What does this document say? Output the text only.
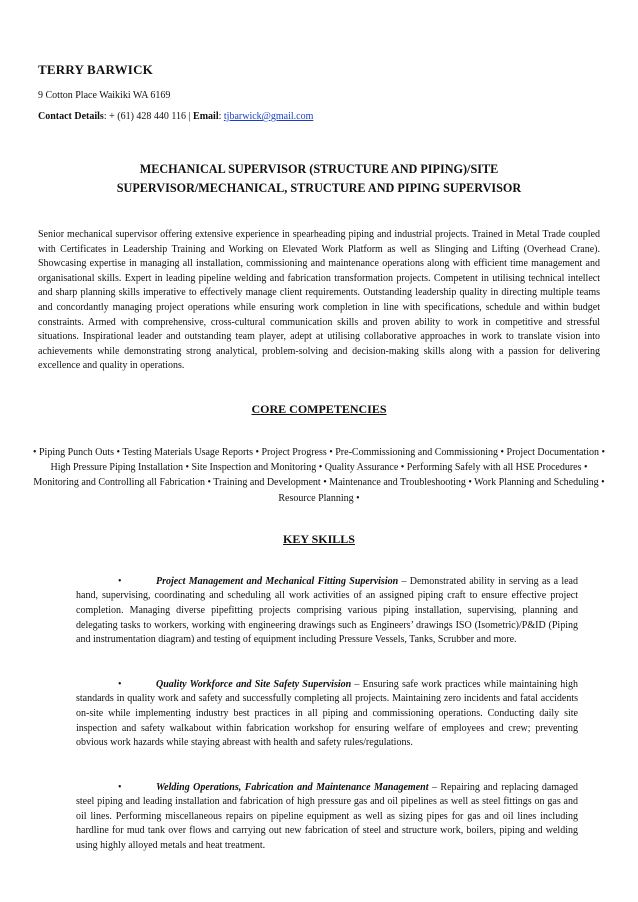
TERRY BARWICK
9 Cotton Place Waikiki WA 6169
Contact Details: + (61) 428 440 116 | Email: tjbarwick@gmail.com
MECHANICAL SUPERVISOR (STRUCTURE AND PIPING)/SITE
SUPERVISOR/MECHANICAL, STRUCTURE AND PIPING SUPERVISOR

Senior mechanical supervisor offering extensive experience in spearheading piping and industrial projects. Trained in Metal Trade coupled with Certificates in Leadership Training and Working on Elevated Work Platform as well as Slinging and Lifting (Overhead Crane). Showcasing expertise in managing all installation, commissioning and maintenance operations along with efficient time management and organisational skills. Expert in leading pipeline welding and fabrication transformation projects. Competent in utilising technical intellect and sharp planning skills imperative to effectively manage client requirements. Outstanding leadership quality in directing multiple teams and concordantly managing project operations while ensuring work completion in line with specifications, schedule and within budget constraints. Armed with comprehensive, cross-cultural communication skills and proven ability to work in competitive and stressful situations. Inspirational leader and outstanding team player, adept at utilising collaborative approaches in work to translate vision into achievements while demonstrating strong analytical, problem-solving and decision-making skills along with a passion for delivering excellence and quality in operations.

CORE COMPETENCIES

• Piping Punch Outs • Testing Materials Usage Reports • Project Progress • Pre-Commissioning and Commissioning • Project Documentation • High Pressure Piping Installation • Site Inspection and Monitoring • Quality Assurance • Performing Safely with all HSE Procedures • Monitoring and Controlling all Fabrication • Training and Development • Maintenance and Troubleshooting • Work Planning and Scheduling • Resource Planning •

KEY SKILLS

•	Project Management and Mechanical Fitting Supervision – Demonstrated ability in serving as a lead hand, supervising, coordinating and scheduling all work activities of an assigned piping craft to ensure effective project completion. Managing diverse pipefitting projects comprising various piping installation, supervising, planning and delegating tasks to workers, working with engineering drawings such as Engineers’ drawings ISO (Isometric)/P&ID (Piping and instrumentation diagram) and testing of equipment including Pressure Vessels, Tanks, Scrubber and more.

•	Quality Workforce and Site Safety Supervision – Ensuring safe work practices while maintaining high standards in quality work and safety and successfully completing all projects. Maintaining zero incidents and fatal accidents on-site while implementing industry best practices in all piping and commissioning operations. Conducting daily site inspection and safety walkabout within fabrication workshop for ensuring welfare of employees and crew; preventing obvious work hazards while staying abreast with health and safety rules/regulations.

•	Welding Operations, Fabrication and Maintenance Management – Repairing and replacing damaged steel piping and leading installation and fabrication of high pressure gas and oil pipelines as well as steel fittings on gas and oil lines. Performing miscellaneous repairs on pipeline equipment as well as sizing pipes for gas and oil lines including hardline for mud tank over flows and carrying out new fabrication of steel and structure work, boilers, piping and welding using highly alloyed metals and heat treatment.
